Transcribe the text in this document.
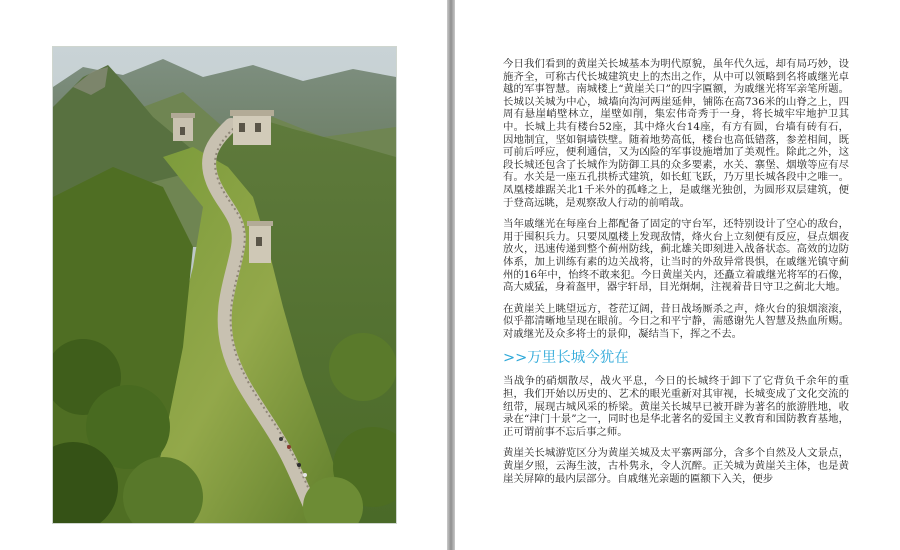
今日我们看到的黄崖关长城基本为明代原貌，虽年代久远，却有局巧妙，设施齐全，可称古代长城建筑史上的杰出之作，从中可以领略到名将戚继光卓越的军事智慧。南城楼上“黄崖关口”的四字匾额，为戚继光将军亲笔所题。长城以关城为中心，城墙向沟河两崖延伸，铺陈在高736米的山脊之上，四周有悬崖峭壁林立，崖壁如削，集宏伟奇秀于一身，将长城牢牢地护卫其中。长城上共有楼台52座，其中烽火台14座，有方有圆，台墙有砖有石，因地制宜，坚如铜墙铁壁。随着地势高低，楼台也高低错落，参差相间，既可前后呼应，便利通信，又为凶险的军事设施增加了美观性。除此之外，这段长城还包含了长城作为防御工具的众多要素，水关、寨堡、烟墩等应有尽有。水关是一座五孔拱桥式建筑，如长虹飞跃，乃万里长城各段中之唯一。凤凰楼雄踞关北1千米外的孤峰之上，是戚继光独创，为圆形双层建筑，便于登高远眺，是观察敌人行动的前哨哉。

当年戚继光在每座台上都配备了固定的守台军，还特别设计了空心的敌台，用于囤积兵力。只要凤凰楼上发现敌情，烽火台上立刻便有反应，昼点烟夜放火，迅速传递到整个蓟州防线，蓟北雄关即刻进入战备状态。高效的边防体系，加上训练有素的边关战将，让当时的外敌异常畏惧，在戚继光镇守蓟州的16年中，怡终不敢来犯。今日黄崖关内，还矗立着戚继光将军的石像，高大威猛，身着盔甲，器宇轩昂，目光炯炯，注视着昔日守卫之蓟北大地。

在黄崖关上眺望远方，苍茫辽阔，昔日战场厮杀之声，烽火台的狼烟滚滚，似乎都清晰地呈现在眼前。今日之和平宁静，需感谢先人智慧及热血所赐。对戚继光及众多将士的景仰，凝结当下，挥之不去。

>>万里长城今犹在

当战争的硝烟散尽，战火平息，今日的长城终于卸下了它背负千余年的重担，我们开始以历史的、艺术的眼光重新对其审视，长城变成了文化交流的纽带，展现古城风采的桥梁。黄崖关长城早已被开辟为著名的旅游胜地，收录在“津门十景”之一，同时也是华北著名的爱国主义教育和国防教育基地，正可谓前事不忘后事之师。

黄崖关长城游览区分为黄崖关城及太平寨两部分，含多个自然及人文景点，黄崖夕照，云海生波，古朴隽永，令人沉醉。正关城为黄崖关主体，也是黄崖关屏障的最内层部分。自戚继光亲题的匾额下入关，便步
